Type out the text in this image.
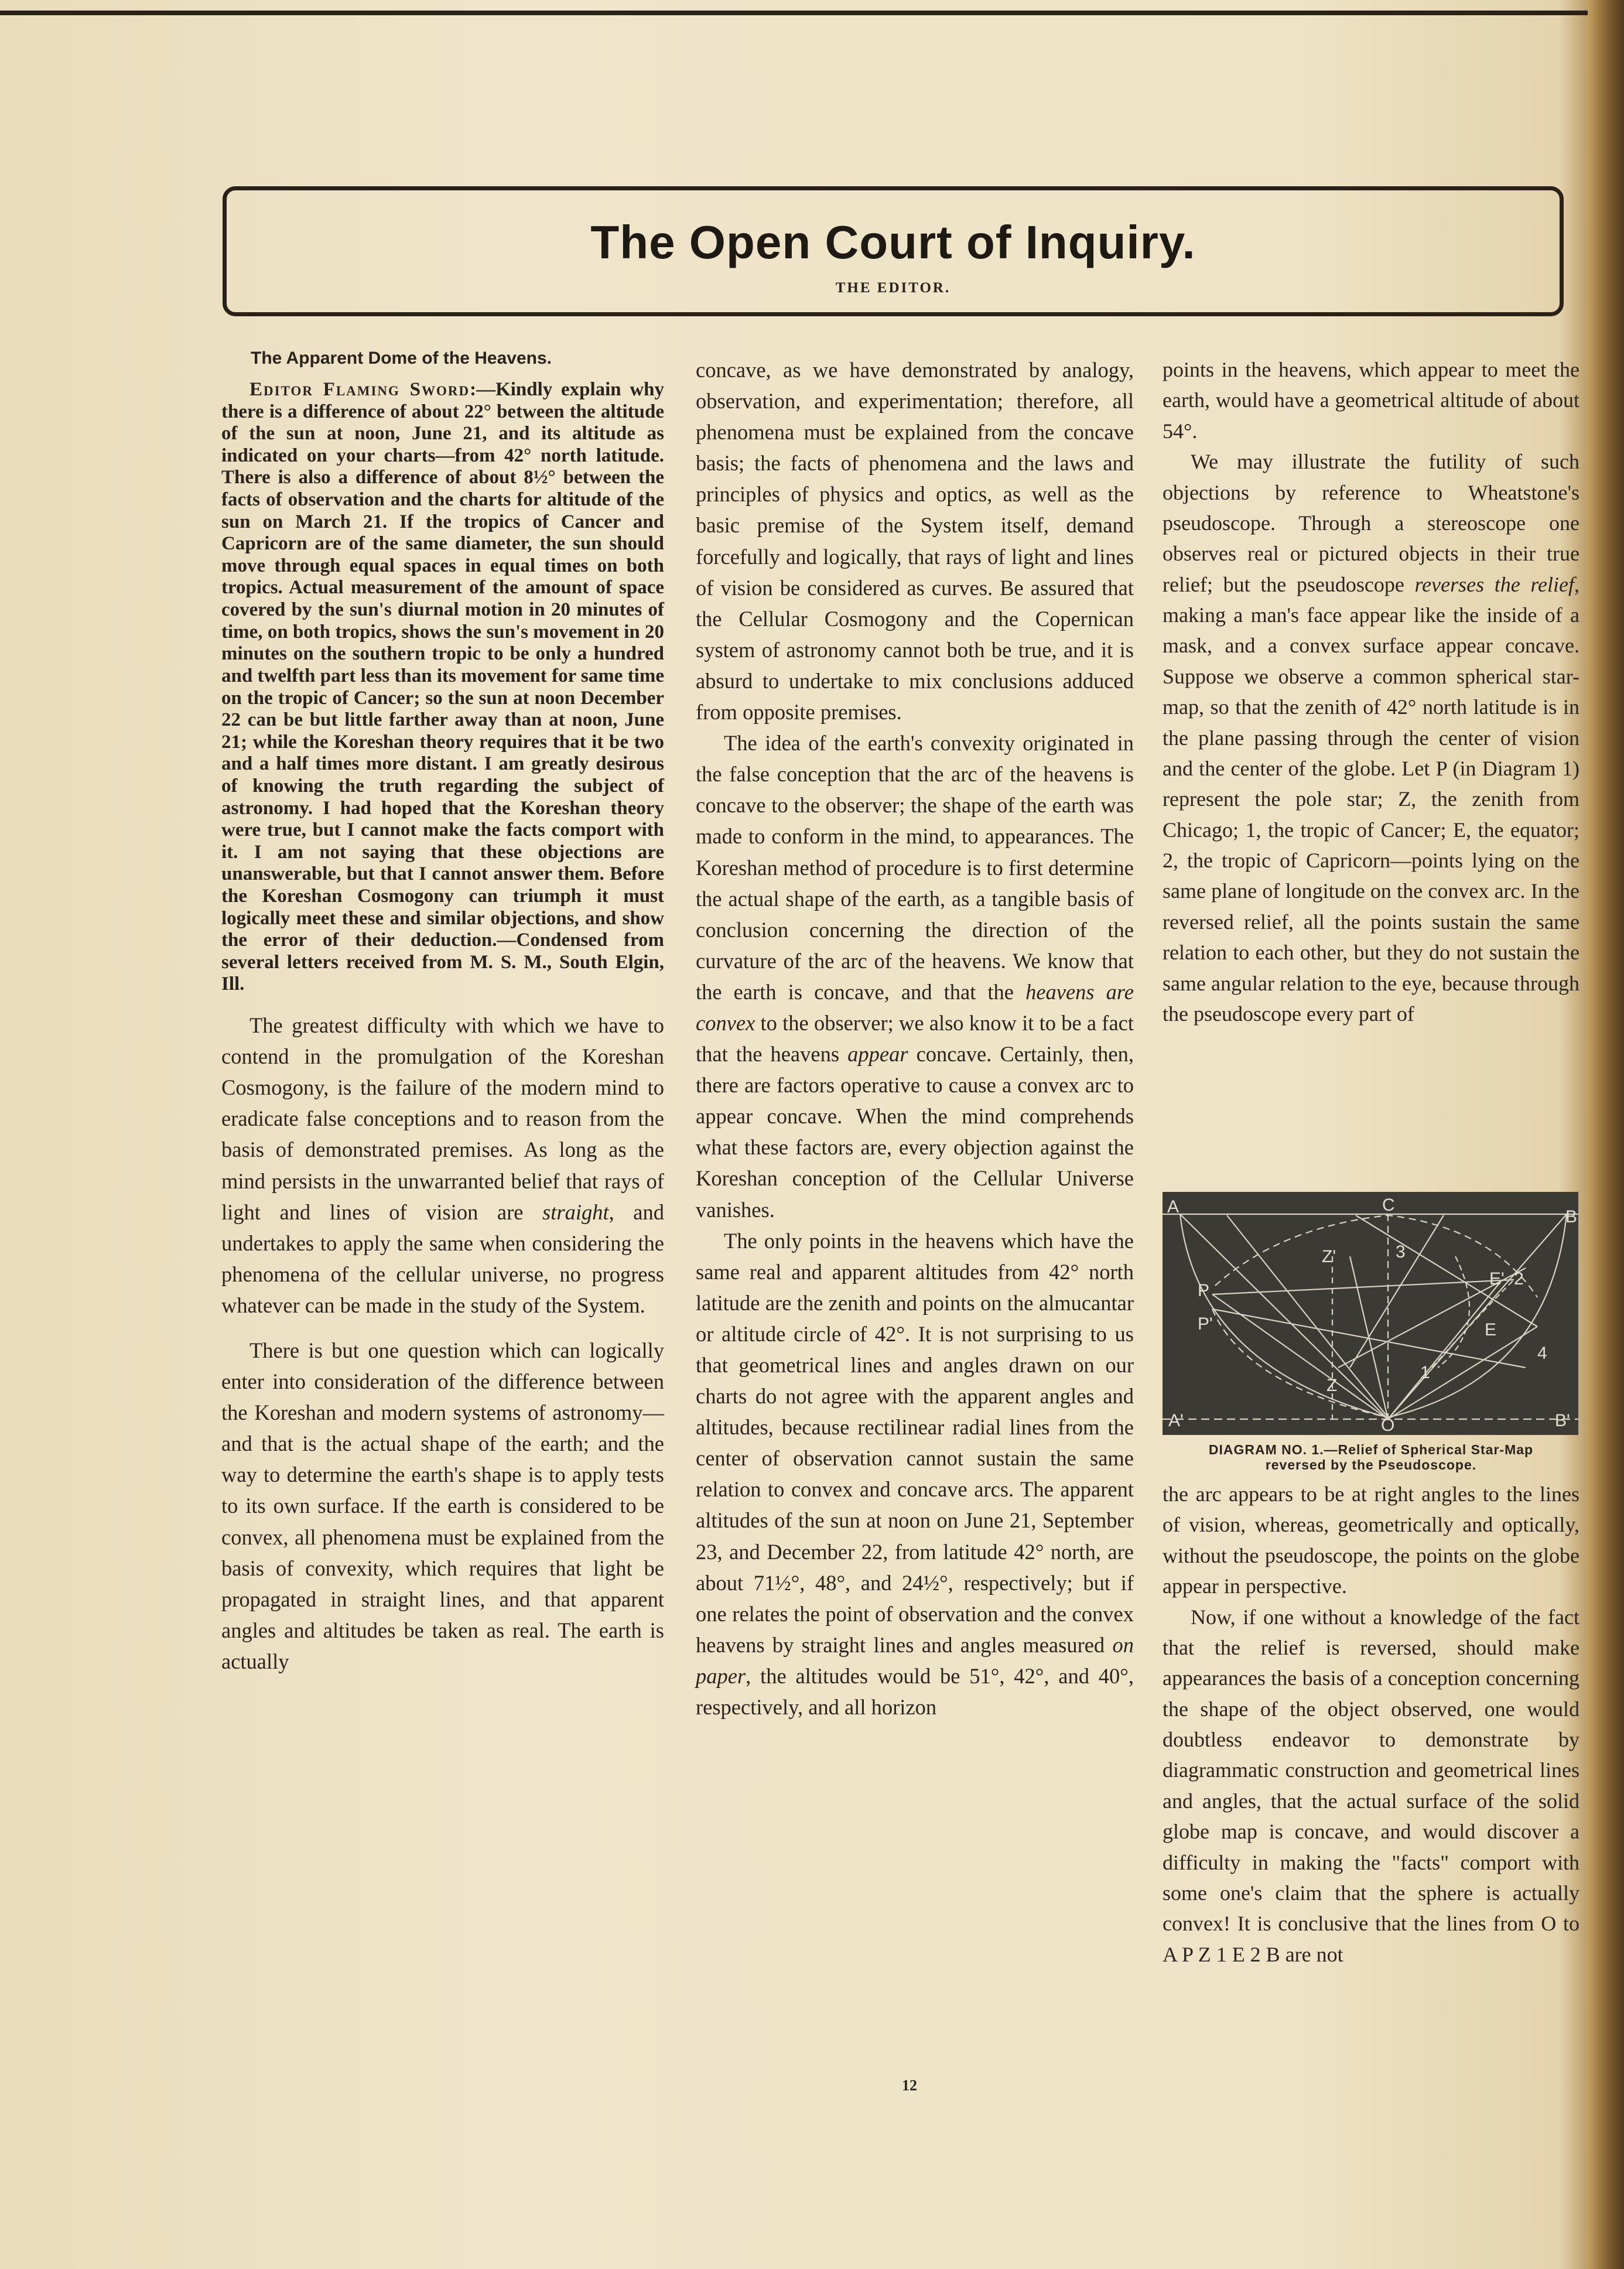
The Open Court of Inquiry.
THE EDITOR.

The Apparent Dome of the Heavens.

Editor Flaming Sword:—Kindly explain why there is a difference of about 22° between the altitude of the sun at noon, June 21, and its altitude as indicated on your charts—from 42° north latitude. There is also a difference of about 8½° between the facts of observation and the charts for altitude of the sun on March 21. If the tropics of Cancer and Capricorn are of the same diameter, the sun should move through equal spaces in equal times on both tropics. Actual measurement of the amount of space covered by the sun's diurnal motion in 20 minutes of time, on both tropics, shows the sun's movement in 20 minutes on the southern tropic to be only a hundred and twelfth part less than its movement for same time on the tropic of Cancer; so the sun at noon December 22 can be but little farther away than at noon, June 21; while the Koreshan theory requires that it be two and a half times more distant. I am greatly desirous of knowing the truth regarding the subject of astronomy. I had hoped that the Koreshan theory were true, but I cannot make the facts comport with it. I am not saying that these objections are unanswerable, but that I cannot answer them. Before the Koreshan Cosmogony can triumph it must logically meet these and similar objections, and show the error of their deduction.—Condensed from several letters received from M. S. M., South Elgin, Ill.

The greatest difficulty with which we have to contend in the promulgation of the Koreshan Cosmogony, is the failure of the modern mind to eradicate false conceptions and to reason from the basis of demonstrated premises. As long as the mind persists in the unwarranted belief that rays of light and lines of vision are straight, and undertakes to apply the same when considering the phenomena of the cellular universe, no progress whatever can be made in the study of the System.

There is but one question which can logically enter into consideration of the difference between the Koreshan and modern systems of astronomy—and that is the actual shape of the earth; and the way to determine the earth's shape is to apply tests to its own surface. If the earth is considered to be convex, all phenomena must be explained from the basis of convexity, which requires that light be propagated in straight lines, and that apparent angles and altitudes be taken as real. The earth is actually

concave, as we have demonstrated by analogy, observation, and experimentation; therefore, all phenomena must be explained from the concave basis; the facts of phenomena and the laws and principles of physics and optics, as well as the basic premise of the System itself, demand forcefully and logically, that rays of light and lines of vision be considered as curves. Be assured that the Cellular Cosmogony and the Copernican system of astronomy cannot both be true, and it is absurd to undertake to mix conclusions adduced from opposite premises.

The idea of the earth's convexity originated in the false conception that the arc of the heavens is concave to the observer; the shape of the earth was made to conform in the mind, to appearances. The Koreshan method of procedure is to first determine the actual shape of the earth, as a tangible basis of conclusion concerning the direction of the curvature of the arc of the heavens. We know that the earth is concave, and that the heavens are convex to the observer; we also know it to be a fact that the heavens appear concave. Certainly, then, there are factors operative to cause a convex arc to appear concave. When the mind comprehends what these factors are, every objection against the Koreshan conception of the Cellular Universe vanishes.

The only points in the heavens which have the same real and apparent altitudes from 42° north latitude are the zenith and points on the almucantar or altitude circle of 42°. It is not surprising to us that geometrical lines and angles drawn on our charts do not agree with the apparent angles and altitudes, because rectilinear radial lines from the center of observation cannot sustain the same relation to convex and concave arcs. The apparent altitudes of the sun at noon on June 21, September 23, and December 22, from latitude 42° north, are about 71½°, 48°, and 24½°, respectively; but if one relates the point of observation and the convex heavens by straight lines and angles measured on paper, the altitudes would be 51°, 42°, and 40°, respectively, and all horizon

points in the heavens, which appear to meet the earth, would have a geometrical altitude of about 54°.

We may illustrate the futility of such objections by reference to Wheatstone's pseudoscope. Through a stereoscope one observes real or pictured objects in their true relief; but the pseudoscope reverses the relief, making a man's face appear like the inside of a mask, and a convex surface appear concave. Suppose we observe a common spherical star-map, so that the zenith of 42° north latitude is in the plane passing through the center of vision and the center of the globe. Let P (in Diagram 1) represent the pole star; Z, the zenith from Chicago; 1, the tropic of Cancer; E, the equator; 2, the tropic of Capricorn—points lying on the same plane of longitude on the convex arc. In the reversed relief, all the points sustain the same relation to each other, but they do not sustain the same angular relation to the eye, because through the pseudoscope every part of

A
B
C
A'	B'
P
P'
Z'
Z
E'
E
3
2
4
1
O
DIAGRAM NO. 1.—Relief of Spherical Star-Map
reversed by the Pseudoscope.

the arc appears to be at right angles to the lines of vision, whereas, geometrically and optically, without the pseudoscope, the points on the globe appear in perspective.

Now, if one without a knowledge of the fact that the relief is reversed, should make appearances the basis of a conception concerning the shape of the object observed, one would doubtless endeavor to demonstrate by diagrammatic construction and geometrical lines and angles, that the actual surface of the solid globe map is concave, and would discover a difficulty in making the "facts" comport with some one's claim that the sphere is actually convex! It is conclusive that the lines from O to A P Z 1 E 2 B are not

12
